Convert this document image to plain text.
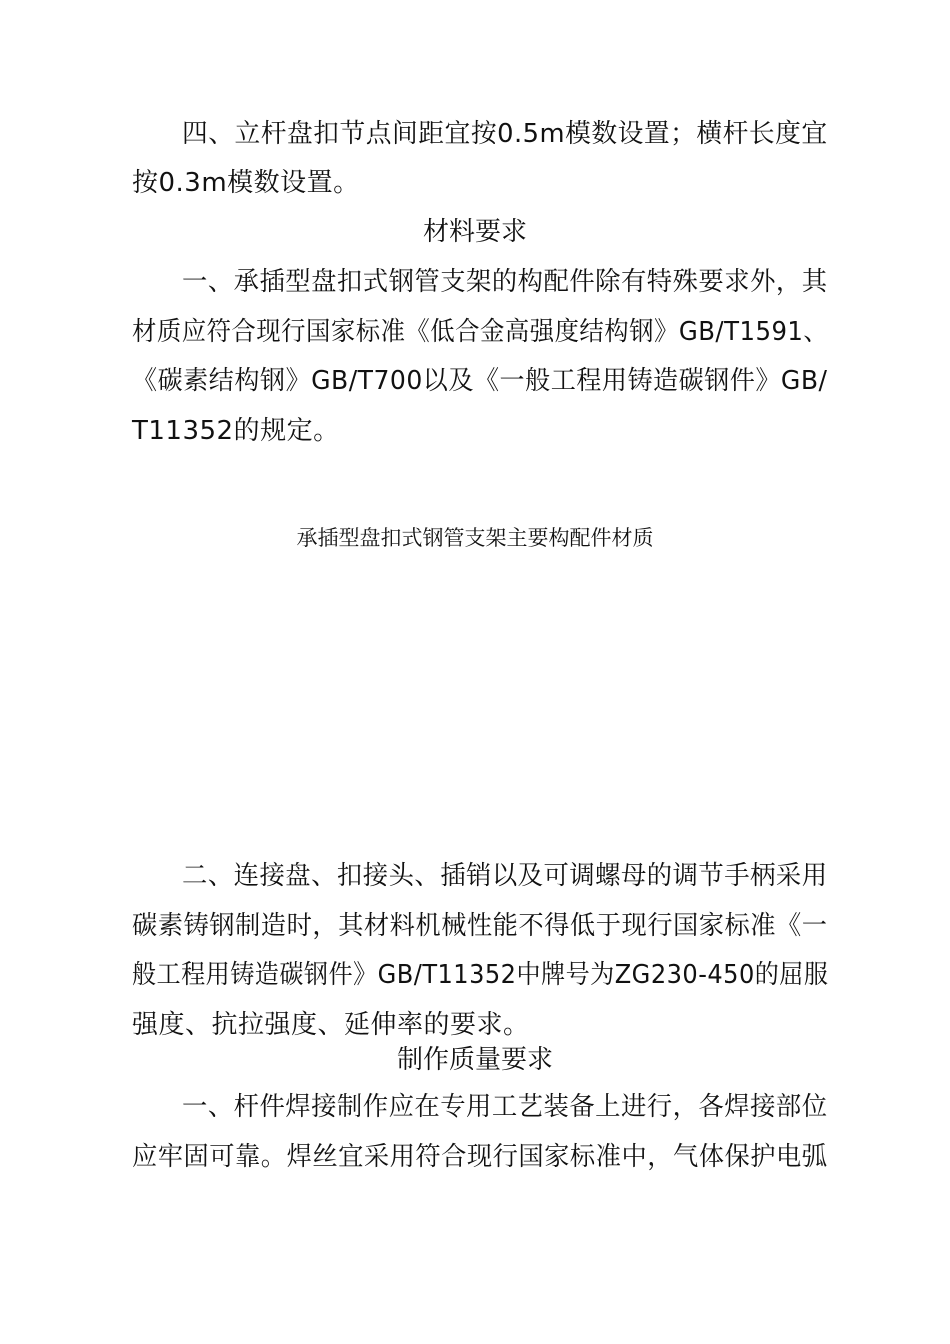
四、立杆盘扣节点间距宜按0.5m模数设置；横杆长度宜
按0.3m模数设置。
材料要求
一、承插型盘扣式钢管支架的构配件除有特殊要求外，其
材质应符合现行国家标准《低合金高强度结构钢》GB/T1591、
《碳素结构钢》GB/T700以及《一般工程用铸造碳钢件》GB/
T11352的规定。
承插型盘扣式钢管支架主要构配件材质
二、连接盘、扣接头、插销以及可调螺母的调节手柄采用
碳素铸钢制造时，其材料机械性能不得低于现行国家标准《一
般工程用铸造碳钢件》GB/T11352中牌号为ZG230-450的屈服
强度、抗拉强度、延伸率的要求。
制作质量要求
一、杆件焊接制作应在专用工艺装备上进行，各焊接部位
应牢固可靠。焊丝宜采用符合现行国家标准中，气体保护电弧
